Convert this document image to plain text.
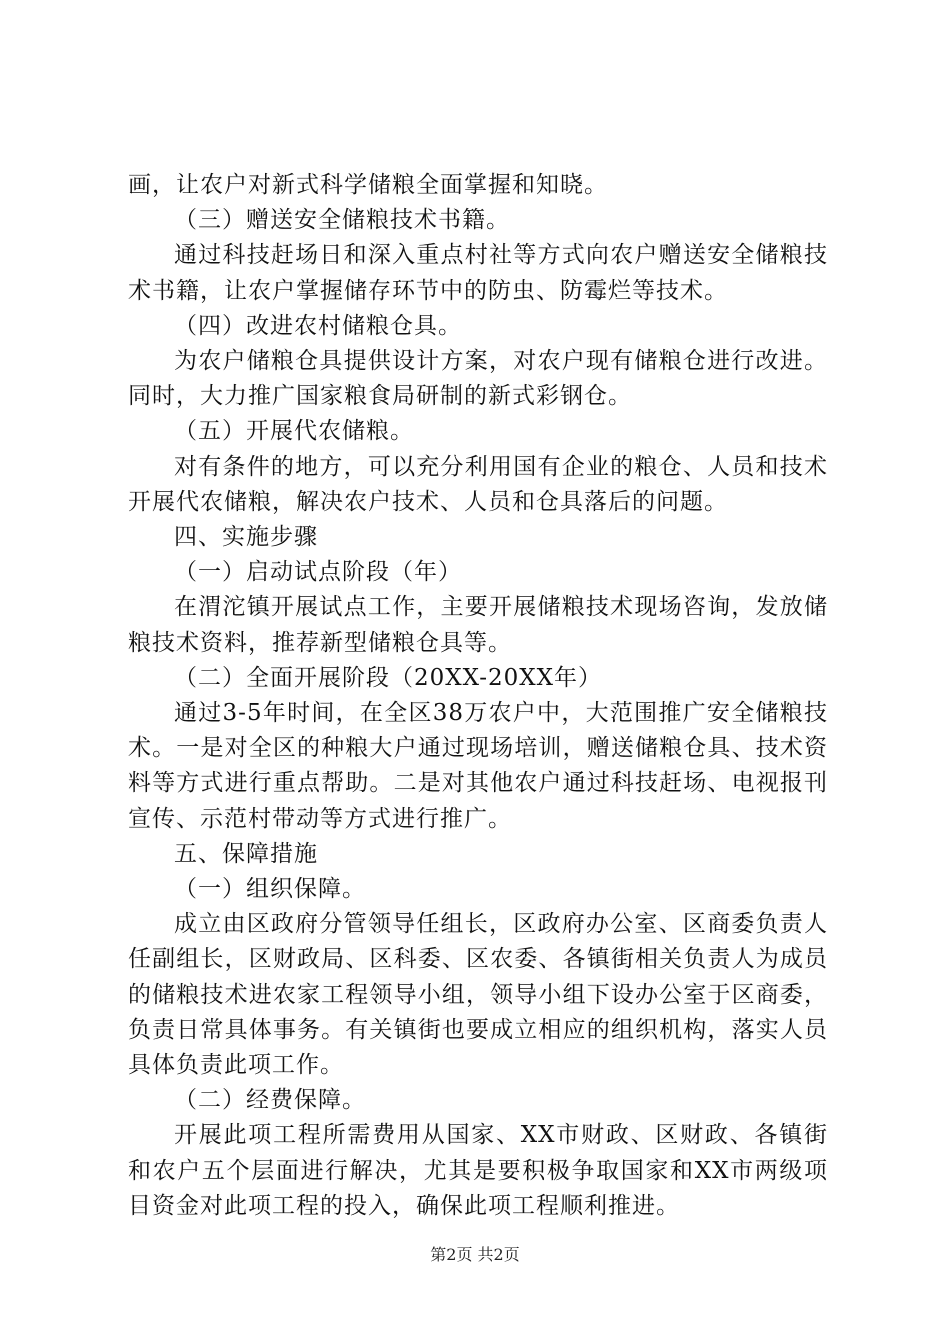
画，让农户对新式科学储粮全面掌握和知晓。

（三）赠送安全储粮技术书籍。

通过科技赶场日和深入重点村社等方式向农户赠送安全储粮技术书籍，让农户掌握储存环节中的防虫、防霉烂等技术。

（四）改进农村储粮仓具。

为农户储粮仓具提供设计方案，对农户现有储粮仓进行改进。同时，大力推广国家粮食局研制的新式彩钢仓。

（五）开展代农储粮。

对有条件的地方，可以充分利用国有企业的粮仓、人员和技术开展代农储粮，解决农户技术、人员和仓具落后的问题。

四、实施步骤

（一）启动试点阶段（年）

在渭沱镇开展试点工作，主要开展储粮技术现场咨询，发放储粮技术资料，推荐新型储粮仓具等。

（二）全面开展阶段（20XX-20XX年）

通过3-5年时间，在全区38万农户中，大范围推广安全储粮技术。一是对全区的种粮大户通过现场培训，赠送储粮仓具、技术资料等方式进行重点帮助。二是对其他农户通过科技赶场、电视报刊宣传、示范村带动等方式进行推广。

五、保障措施

（一）组织保障。

成立由区政府分管领导任组长，区政府办公室、区商委负责人任副组长，区财政局、区科委、区农委、各镇街相关负责人为成员的储粮技术进农家工程领导小组，领导小组下设办公室于区商委，负责日常具体事务。有关镇街也要成立相应的组织机构，落实人员具体负责此项工作。

（二）经费保障。

开展此项工程所需费用从国家、XX市财政、区财政、各镇街和农户五个层面进行解决，尤其是要积极争取国家和XX市两级项目资金对此项工程的投入，确保此项工程顺利推进。

第2页 共2页
